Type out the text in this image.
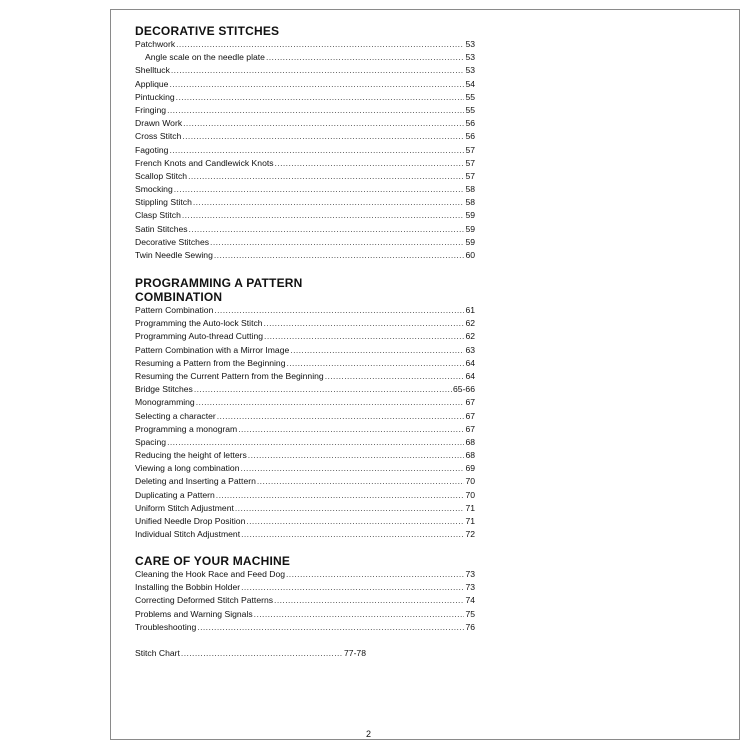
DECORATIVE STITCHES
Patchwork .....	53
Angle scale on the needle plate .....	53
Shelltuck .....	53
Applique .....	54
Pintucking .....	55
Fringing .....	55
Drawn Work .....	56
Cross Stitch .....	56
Fagoting .....	57
French Knots and Candlewick Knots .....	57
Scallop Stitch .....	57
Smocking .....	58
Stippling Stitch .....	58
Clasp Stitch .....	59
Satin Stitches .....	59
Decorative Stitches .....	59
Twin Needle Sewing .....	60
PROGRAMMING A PATTERN COMBINATION
Pattern Combination .....	61
Programming the Auto-lock Stitch .....	62
Programming Auto-thread Cutting .....	62
Pattern Combination with a Mirror Image .....	63
Resuming a Pattern from the Beginning .....	64
Resuming the Current Pattern from the Beginning .....	64
Bridge Stitches .....	65-66
Monogramming .....	67
Selecting a character .....	67
Programming a monogram .....	67
Spacing .....	68
Reducing the height of letters .....	68
Viewing a long combination .....	69
Deleting and Inserting a Pattern .....	70
Duplicating a Pattern .....	70
Uniform Stitch Adjustment .....	71
Unified Needle Drop Position .....	71
Individual Stitch Adjustment .....	72
CARE OF YOUR MACHINE
Cleaning the Hook Race and Feed Dog .....	73
Installing the Bobbin Holder .....	73
Correcting Deformed Stitch Patterns .....	74
Problems and Warning Signals .....	75
Troubleshooting .....	76
Stitch Chart .....	77-78
2
